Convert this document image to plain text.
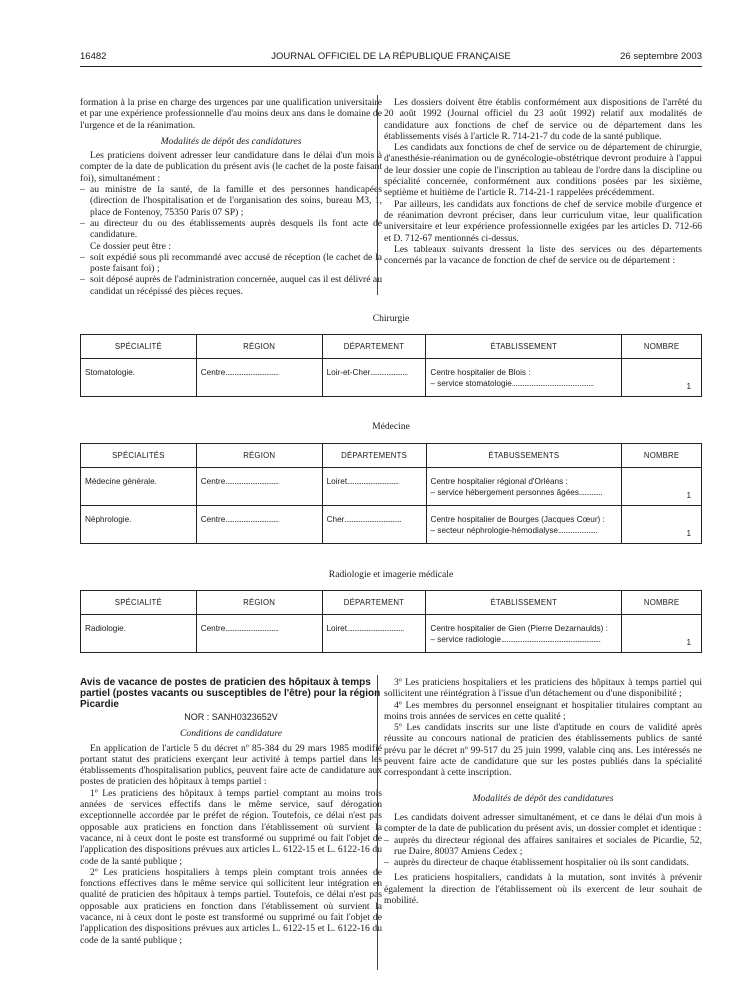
16482	JOURNAL OFFICIEL DE LA RÉPUBLIQUE FRANÇAISE	26 septembre 2003

formation à la prise en charge des urgences par une qualification universitaire et par une expérience professionnelle d'au moins deux ans dans le domaine de l'urgence et de la réanimation.

Modalités de dépôt des candidatures

Les praticiens doivent adresser leur candidature dans le délai d'un mois à compter de la date de publication du présent avis (le cachet de la poste faisant foi), simultanément :

– au ministre de la santé, de la famille et des personnes handicapées (direction de l'hospitalisation et de l'organisation des soins, bureau M3, 1, place de Fontenoy, 75350 Paris 07 SP) ;
– au directeur du ou des établissements auprès desquels ils font acte de candidature.

Ce dossier peut être :

– soit expédié sous pli recommandé avec accusé de réception (le cachet de la poste faisant foi) ;
– soit déposé auprès de l'administration concernée, auquel cas il est délivré au candidat un récépissé des pièces reçues.

Les dossiers doivent être établis conformément aux dispositions de l'arrêté du 20 août 1992 (Journal officiel du 23 août 1992) relatif aux modalités de candidature aux fonctions de chef de service ou de département dans les établissements visés à l'article R. 714-21-7 du code de la santé publique.

Les candidats aux fonctions de chef de service ou de département de chirurgie, d'anesthésie-réanimation ou de gynécologie-obstétrique devront produire à l'appui de leur dossier une copie de l'inscription au tableau de l'ordre dans la discipline ou spécialité concernée, conformément aux conditions posées par les sixième, septième et huitième de l'article R. 714-21-1 rappelées précédemment.

Par ailleurs, les candidats aux fonctions de chef de service mobile d'urgence et de réanimation devront préciser, dans leur curriculum vitae, leur qualification universitaire et leur expérience professionnelle exigées par les articles D. 712-66 et D. 712-67 mentionnés ci-dessus.

Les tableaux suivants dressent la liste des services ou des départements concernés par la vacance de fonction de chef de service ou de département :

Chirurgie
SPÉCIALITÉ	RÉGION	DÉPARTEMENT	ÉTABLISSEMENT	NOMBRE
Stomatologie.	Centre..............................	Loir-et-Cher.....................	Centre hospitalier de Blois :
– service stomatologie..............................................	1
Médecine
SPÉCIALITÉS	RÉGION	DÉPARTEMENTS	ÉTABUSSEMENTS	NOMBRE
Médecine générale.	Centre..............................	Loiret.............................	Centre hospitalier régional d'Orléans :
– service hébergement personnes âgées.............	1
Néphrologie.	Centre..............................	Cher................................	Centre hospitalier de Bourges (Jacques Cœur) :
– secteur néphrologie-hémodialyse......................	1
Radiologie et imagerie médicale
SPÉCIALITÉ	RÉGION	DÉPARTEMENT	ÉTABLISSEMENT	NOMBRE
Radiologie.	Centre..............................	Loiret................................	Centre hospitalier de Gien (Pierre Dezarnaulds) :
– service radiologie........................................................	1
Avis de vacance de postes de praticien des hôpitaux à temps partiel (postes vacants ou susceptibles de l'être) pour la région Picardie

NOR : SANH0323652V

Conditions de candidature

En application de l'article 5 du décret nº 85-384 du 29 mars 1985 modifié portant statut des praticiens exerçant leur activité à temps partiel dans les établissements d'hospitalisation publics, peuvent faire acte de candidature aux postes de praticien des hôpitaux à temps partiel :

1º Les praticiens des hôpitaux à temps partiel comptant au moins trois années de services effectifs dans le même service, sauf dérogation exceptionnelle accordée par le préfet de région. Toutefois, ce délai n'est pas opposable aux praticiens en fonction dans l'établissement où survient la vacance, ni à ceux dont le poste est transformé ou supprimé ou fait l'objet de l'application des dispositions prévues aux articles L. 6122-15 et L. 6122-16 du code de la santé publique ;

2º Les praticiens hospitaliers à temps plein comptant trois années de fonctions effectives dans le même service qui sollicitent leur intégration en qualité de praticien des hôpitaux à temps partiel. Toutefois, ce délai n'est pas opposable aux praticiens en fonction dans l'établissement où survient la vacance, ni à ceux dont le poste est transformé ou supprimé ou fait l'objet de l'application des dispositions prévues aux articles L. 6122-15 et L. 6122-16 du code de la santé publique ;

3º Les praticiens hospitaliers et les praticiens des hôpitaux à temps partiel qui sollicitent une réintégration à l'issue d'un détachement ou d'une disponibilité ;

4º Les membres du personnel enseignant et hospitalier titulaires comptant au moins trois années de services en cette qualité ;

5º Les candidats inscrits sur une liste d'aptitude en cours de validité après réussite au concours national de praticien des établissements publics de santé prévu par le décret nº 99-517 du 25 juin 1999, valable cinq ans. Les intéressés ne peuvent faire acte de candidature que sur les postes publiés dans la spécialité correspondant à cette inscription.

Modalités de dépôt des candidatures

Les candidats doivent adresser simultanément, et ce dans le délai d'un mois à compter de la date de publication du présent avis, un dossier complet et identique :

– auprès du directeur régional des affaires sanitaires et sociales de Picardie, 52, rue Daire, 80037 Amiens Cedex ;
– auprès du directeur de chaque établissement hospitalier où ils sont candidats.

Les praticiens hospitaliers, candidats à la mutation, sont invités à prévenir également la direction de l'établissement où ils exercent de leur souhait de mobilité.
